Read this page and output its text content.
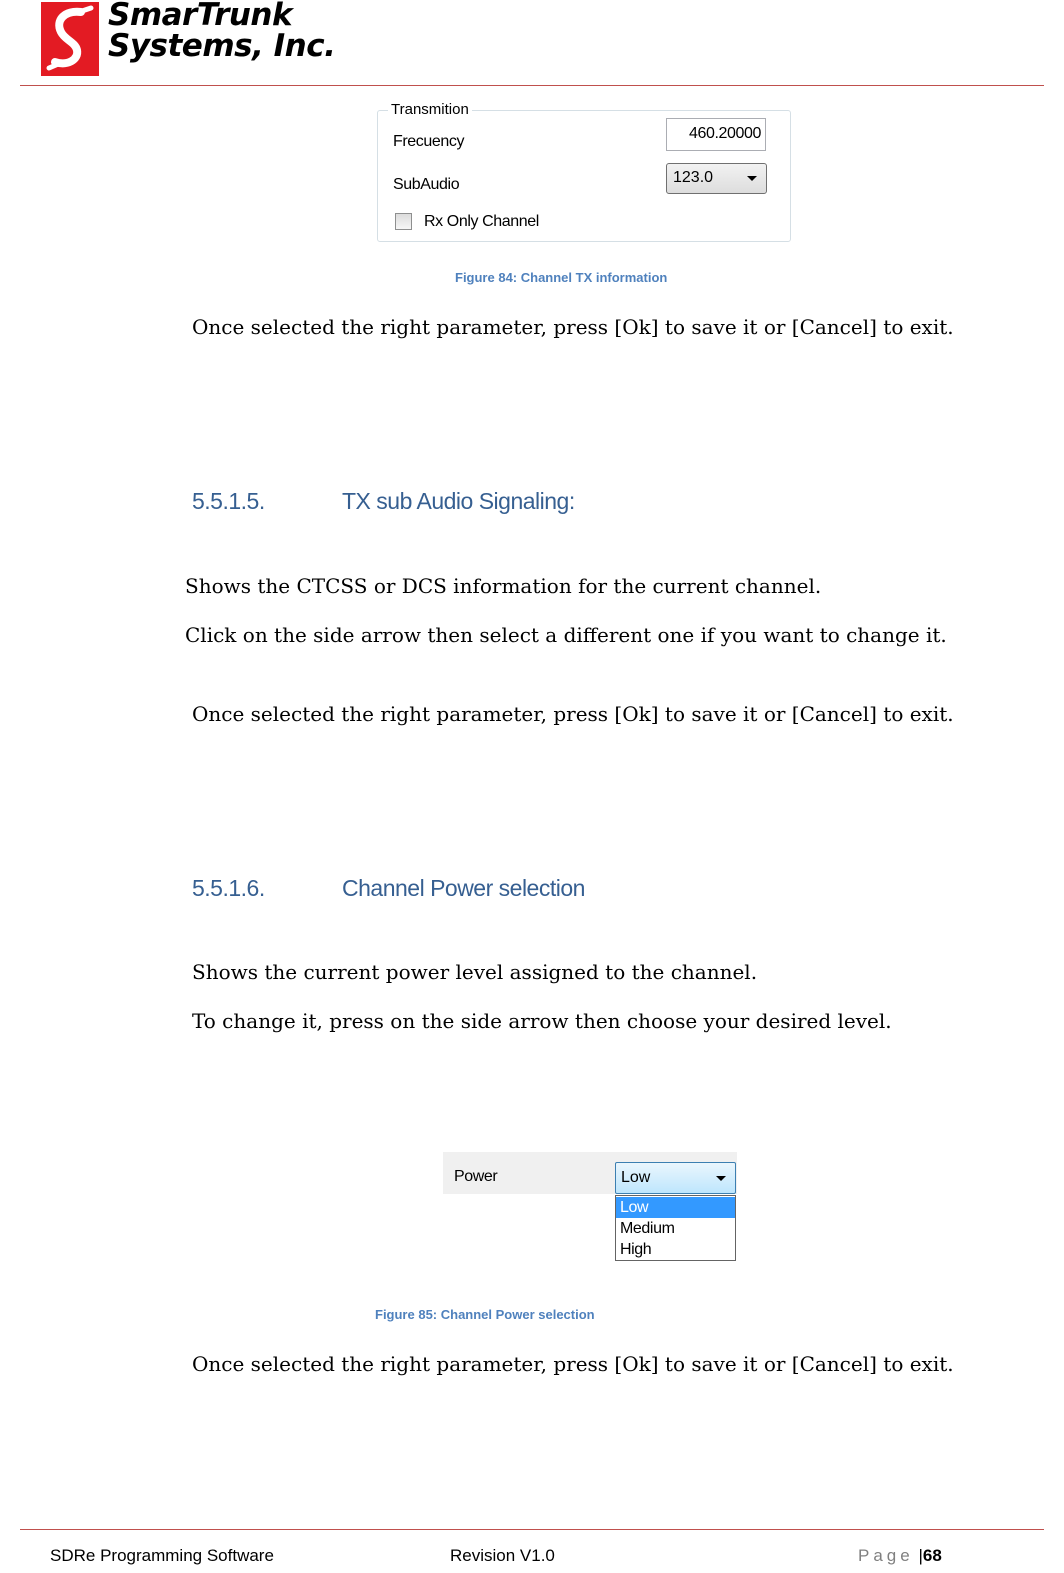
SmarTrunk
Systems, Inc.
Transmition
Frecuency	460.20000
SubAudio	123.0
Rx Only Channel
Figure 84: Channel TX information
Once selected the right parameter, press [Ok] to save it or [Cancel] to exit.
5.5.1.5.	TX sub Audio Signaling:
Shows the CTCSS or DCS information for the current channel.
Click on the side arrow then select a different one if you want to change it.
Once selected the right parameter, press [Ok] to save it or [Cancel] to exit.
5.5.1.6.	Channel Power selection
Shows the current power level assigned to the channel.
To change it, press on the side arrow then choose your desired level.
Power	Low
Low
Medium
High
Figure 85: Channel Power selection
Once selected the right parameter, press [Ok] to save it or [Cancel] to exit.
SDRe Programming Software	Revision V1.0	Page |68
